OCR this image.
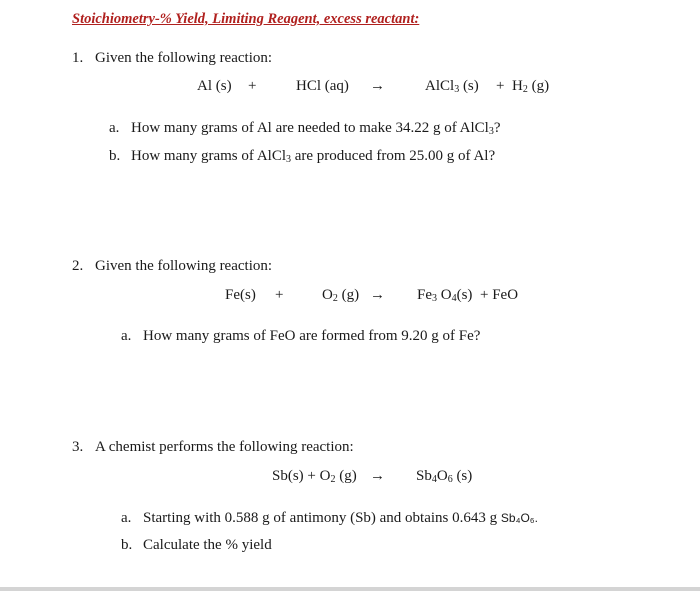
Stoichiometry-% Yield, Limiting Reagent, excess reactant:
1. Given the following reaction:
Al (s) +	HCl (aq) →	AlCl$_3$ $(s) + H_2$ (g)
a. How many grams of Al are needed to make 34.22 g of AlCl$_3$?
b. How many grams of AlCl$_3$ are produced from 25.00 g of Al?
2. Given the following reaction:
Fe(s) +	$O_2$ $(g) \to Fe_3$ $O_4(s)$ + FeO
a. How many grams of FeO are formed from 9.20 g of Fe?
3. A chemist performs the following reaction:
$Sb(s) + O_2$ $(g) \to Sb_4O_6$ (s)
a. Starting with 0.588 g of antimony (Sb) and obtains 0.643 g Sb₄O₆.
b. Calculate the % yield
